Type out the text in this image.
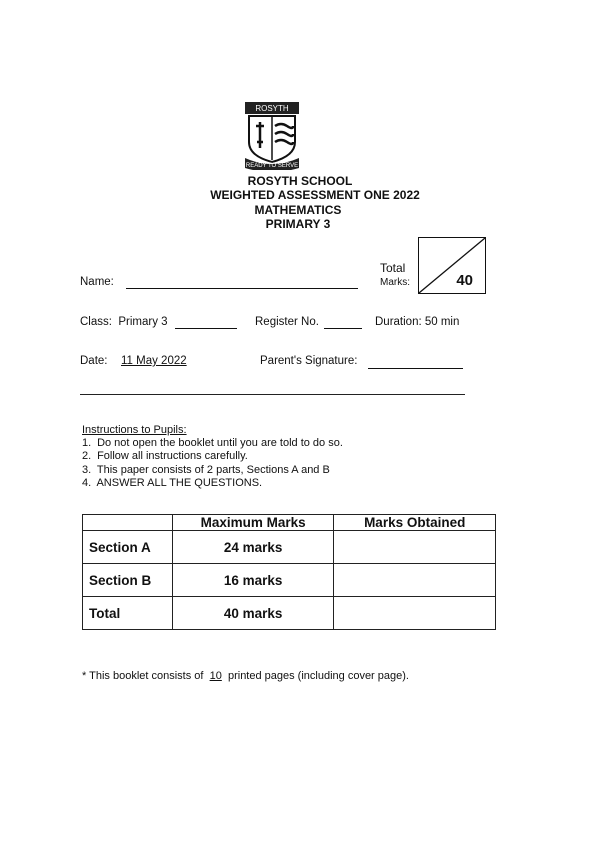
ROSYTH
READY TO SERVE
ROSYTH SCHOOL
WEIGHTED ASSESSMENT ONE 2022
MATHEMATICS
PRIMARY 3
Name:
Total
Marks:	40
Class: Primary 3	Register No.	Duration: 50 min
Date: 11 May 2022	Parent's Signature:
Instructions to Pupils:
1. Do not open the booklet until you are told to do so.
2. Follow all instructions carefully.
3. This paper consists of 2 parts, Sections A and B
4. ANSWER ALL THE QUESTIONS.
	Maximum Marks	Marks Obtained
Section A	24 marks	
Section B	16 marks	
Total	40 marks	
* This booklet consists of 10 printed pages (including cover page).
